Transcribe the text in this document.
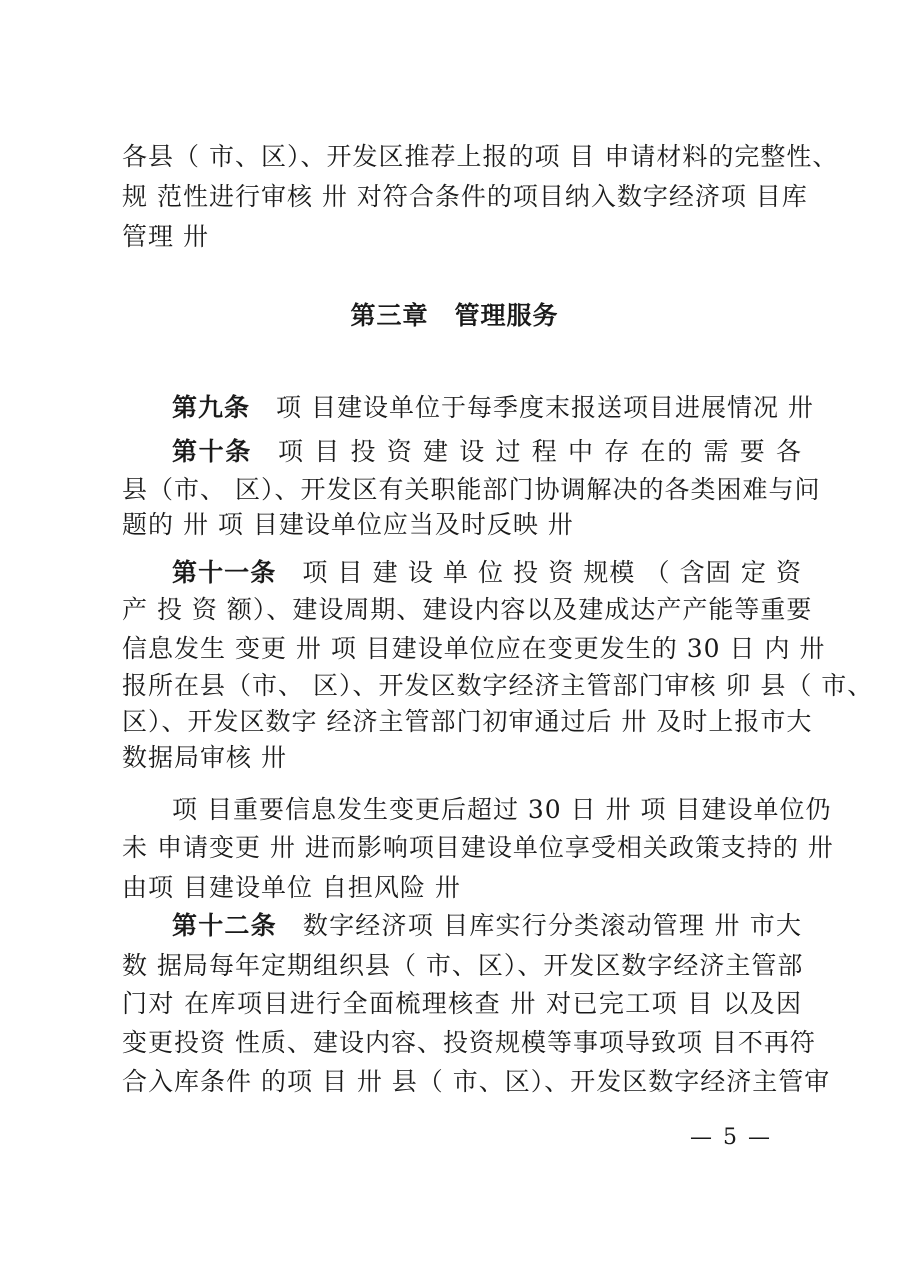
各县（ 市、区）、开发区推荐上报的项 目 申请材料的完整性、
规 范性进行审核 卅 对符合条件的项目纳入数字经济项 目库
管理 卅
第三章　管理服务
第九条 项 目建设单位于每季度末报送项目进展情况 卅
第十条 项 目 投 资 建 设 过 程 中 存 在的 需 要 各
县（市、 区）、开发区有关职能部门协调解决的各类困难与问
题的 卅 项 目建设单位应当及时反映 卅
第十一条 项 目 建 设 单 位 投 资 规模 （ 含固 定 资
产 投 资 额）、建设周期、建设内容以及建成达产产能等重要
信息发生 变更 卅 项 目建设单位应在变更发生的 30 日 内 卅
报所在县（市、 区）、开发区数字经济主管部门审核 卯 县（ 市、
区）、开发区数字 经济主管部门初审通过后 卅 及时上报市大
数据局审核 卅
项 目重要信息发生变更后超过 30 日 卅 项 目建设单位仍
未 申请变更 卅 进而影响项目建设单位享受相关政策支持的 卅
由项 目建设单位 自担风险 卅
第十二条 数字经济项 目库实行分类滚动管理 卅 市大
数 据局每年定期组织县（ 市、区）、开发区数字经济主管部
门对 在库项目进行全面梳理核查 卅 对已完工项 目 以及因
变更投资 性质、建设内容、投资规模等事项导致项 目不再符
合入库条件 的项 目 卅 县（ 市、区）、开发区数字经济主管审
— 5 —
